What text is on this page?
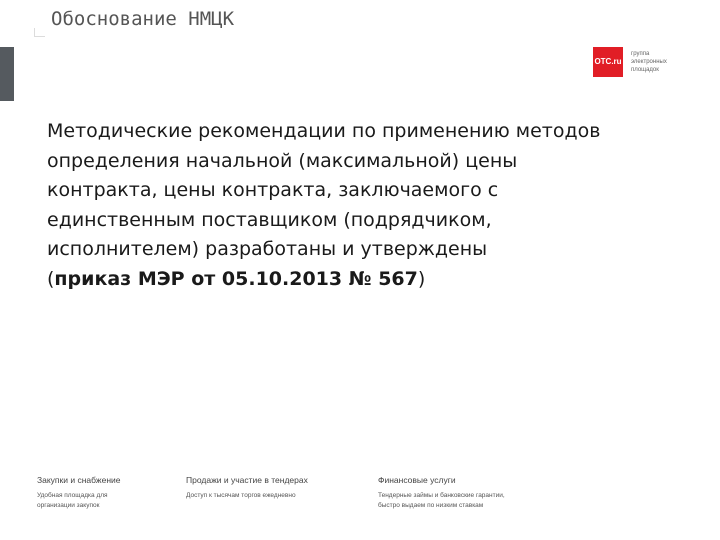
Обоснование НМЦК
OTC.ru
группа
электронных
площадок
Методические рекомендации по применению методов
определения начальной (максимальной) цены
контракта, цены контракта, заключаемого с
единственным поставщиком (подрядчиком,
исполнителем) разработаны и утверждены
(приказ МЭР от 05.10.2013 № 567)
Закупки и снабжение
Удобная площадка для
организации закупок
Продажи и участие в тендерах
Доступ к тысячам торгов ежедневно
Финансовые услуги
Тендерные займы и банковские гарантии,
быстро выдаем по низким ставкам
